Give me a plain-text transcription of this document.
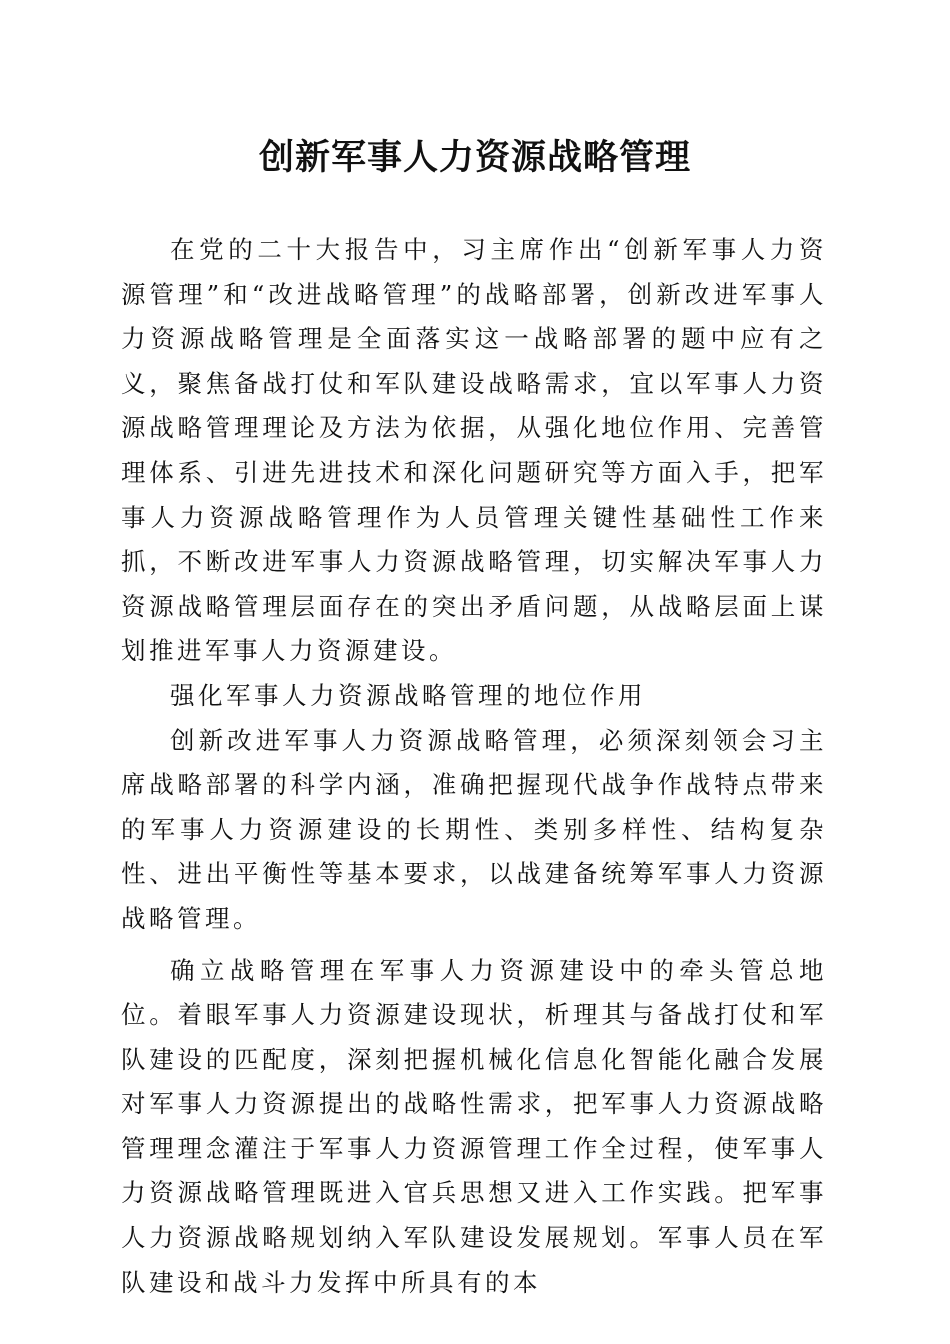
创新军事人力资源战略管理

在党的二十大报告中，习主席作出“创新军事人力资源管理”和“改进战略管理”的战略部署，创新改进军事人力资源战略管理是全面落实这一战略部署的题中应有之义，聚焦备战打仗和军队建设战略需求，宜以军事人力资源战略管理理论及方法为依据，从强化地位作用、完善管理体系、引进先进技术和深化问题研究等方面入手，把军事人力资源战略管理作为人员管理关键性基础性工作来抓，不断改进军事人力资源战略管理，切实解决军事人力资源战略管理层面存在的突出矛盾问题，从战略层面上谋划推进军事人力资源建设。

强化军事人力资源战略管理的地位作用

创新改进军事人力资源战略管理，必须深刻领会习主席战略部署的科学内涵，准确把握现代战争作战特点带来的军事人力资源建设的长期性、类别多样性、结构复杂性、进出平衡性等基本要求，以战建备统筹军事人力资源战略管理。

确立战略管理在军事人力资源建设中的牵头管总地位。着眼军事人力资源建设现状，析理其与备战打仗和军队建设的匹配度，深刻把握机械化信息化智能化融合发展对军事人力资源提出的战略性需求，把军事人力资源战略管理理念灌注于军事人力资源管理工作全过程，使军事人力资源战略管理既进入官兵思想又进入工作实践。把军事人力资源战略规划纳入军队建设发展规划。军事人员在军队建设和战斗力发挥中所具有的本
